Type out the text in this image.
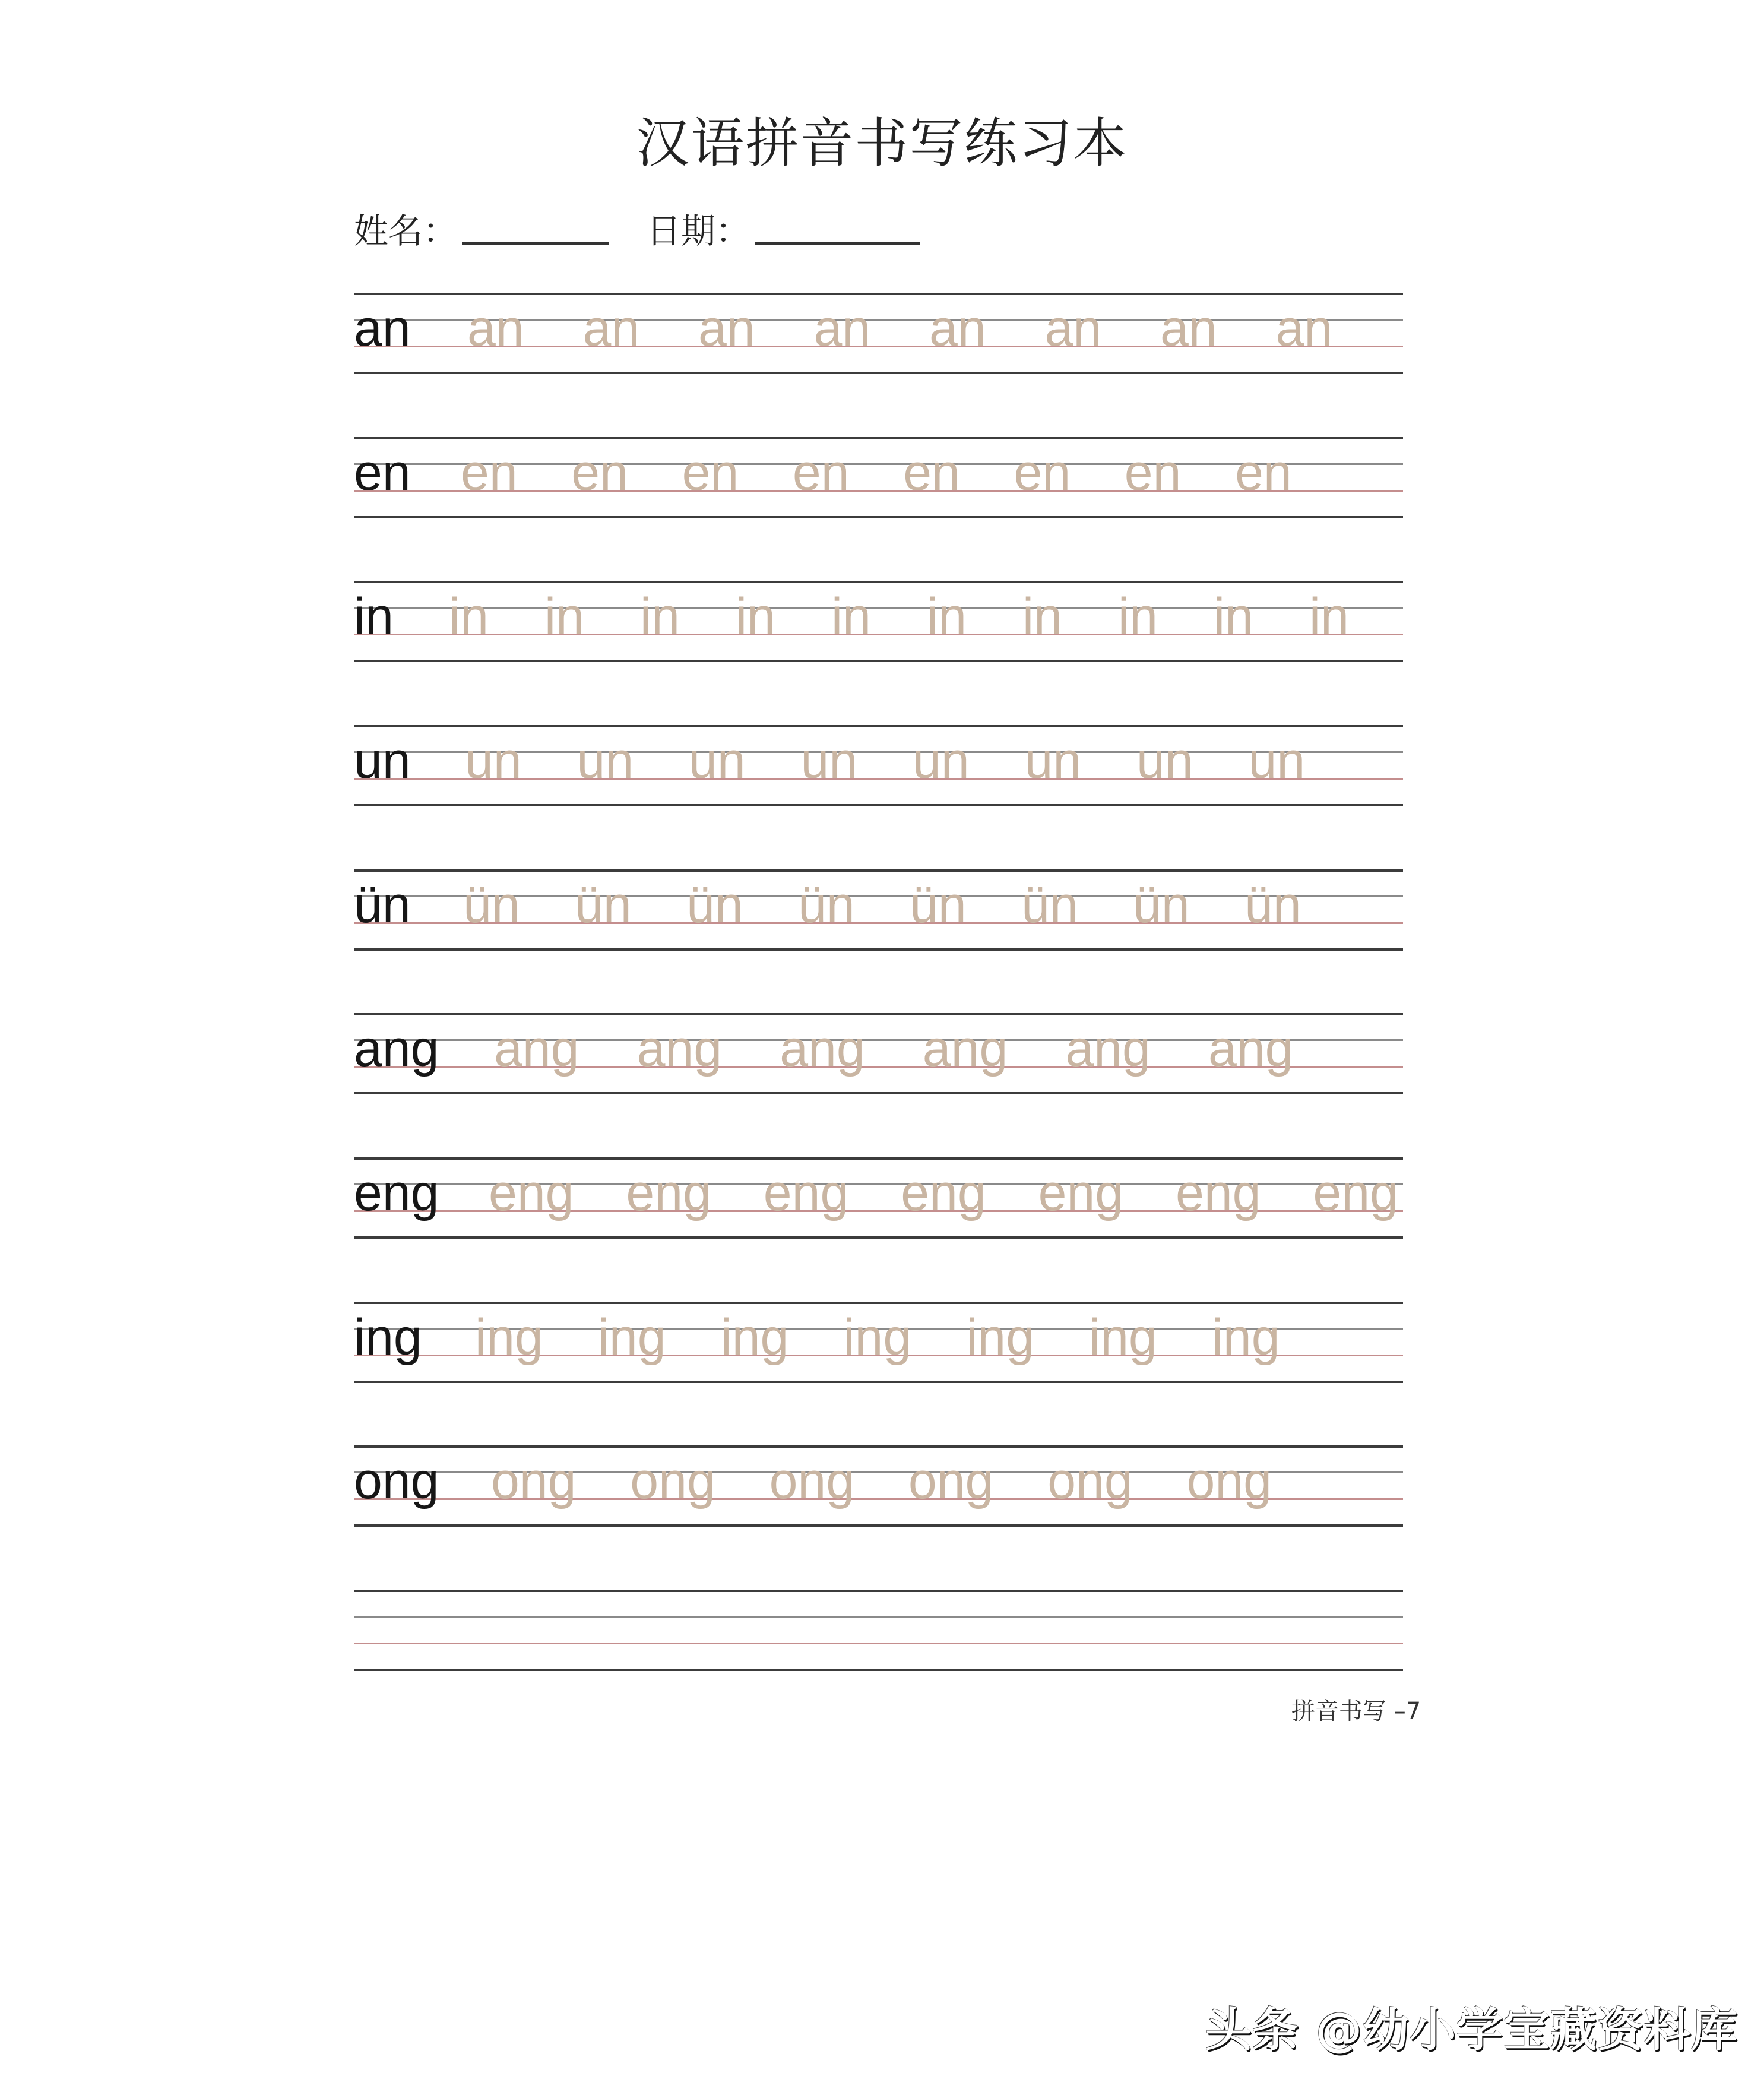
汉语拼音书写练习本
姓名：	日期：
an an an an an an an an an
en en en en en en en en en
in in in in in in in in in in in
un un un un un un un un un
ün ün ün ün ün ün ün ün ün
ang ang ang ang ang ang ang
eng eng eng eng eng eng eng eng
ing ing ing ing ing ing ing ing
ong ong ong ong ong ong ong
拼音书写 –7
头条 @幼小学宝藏资料库
